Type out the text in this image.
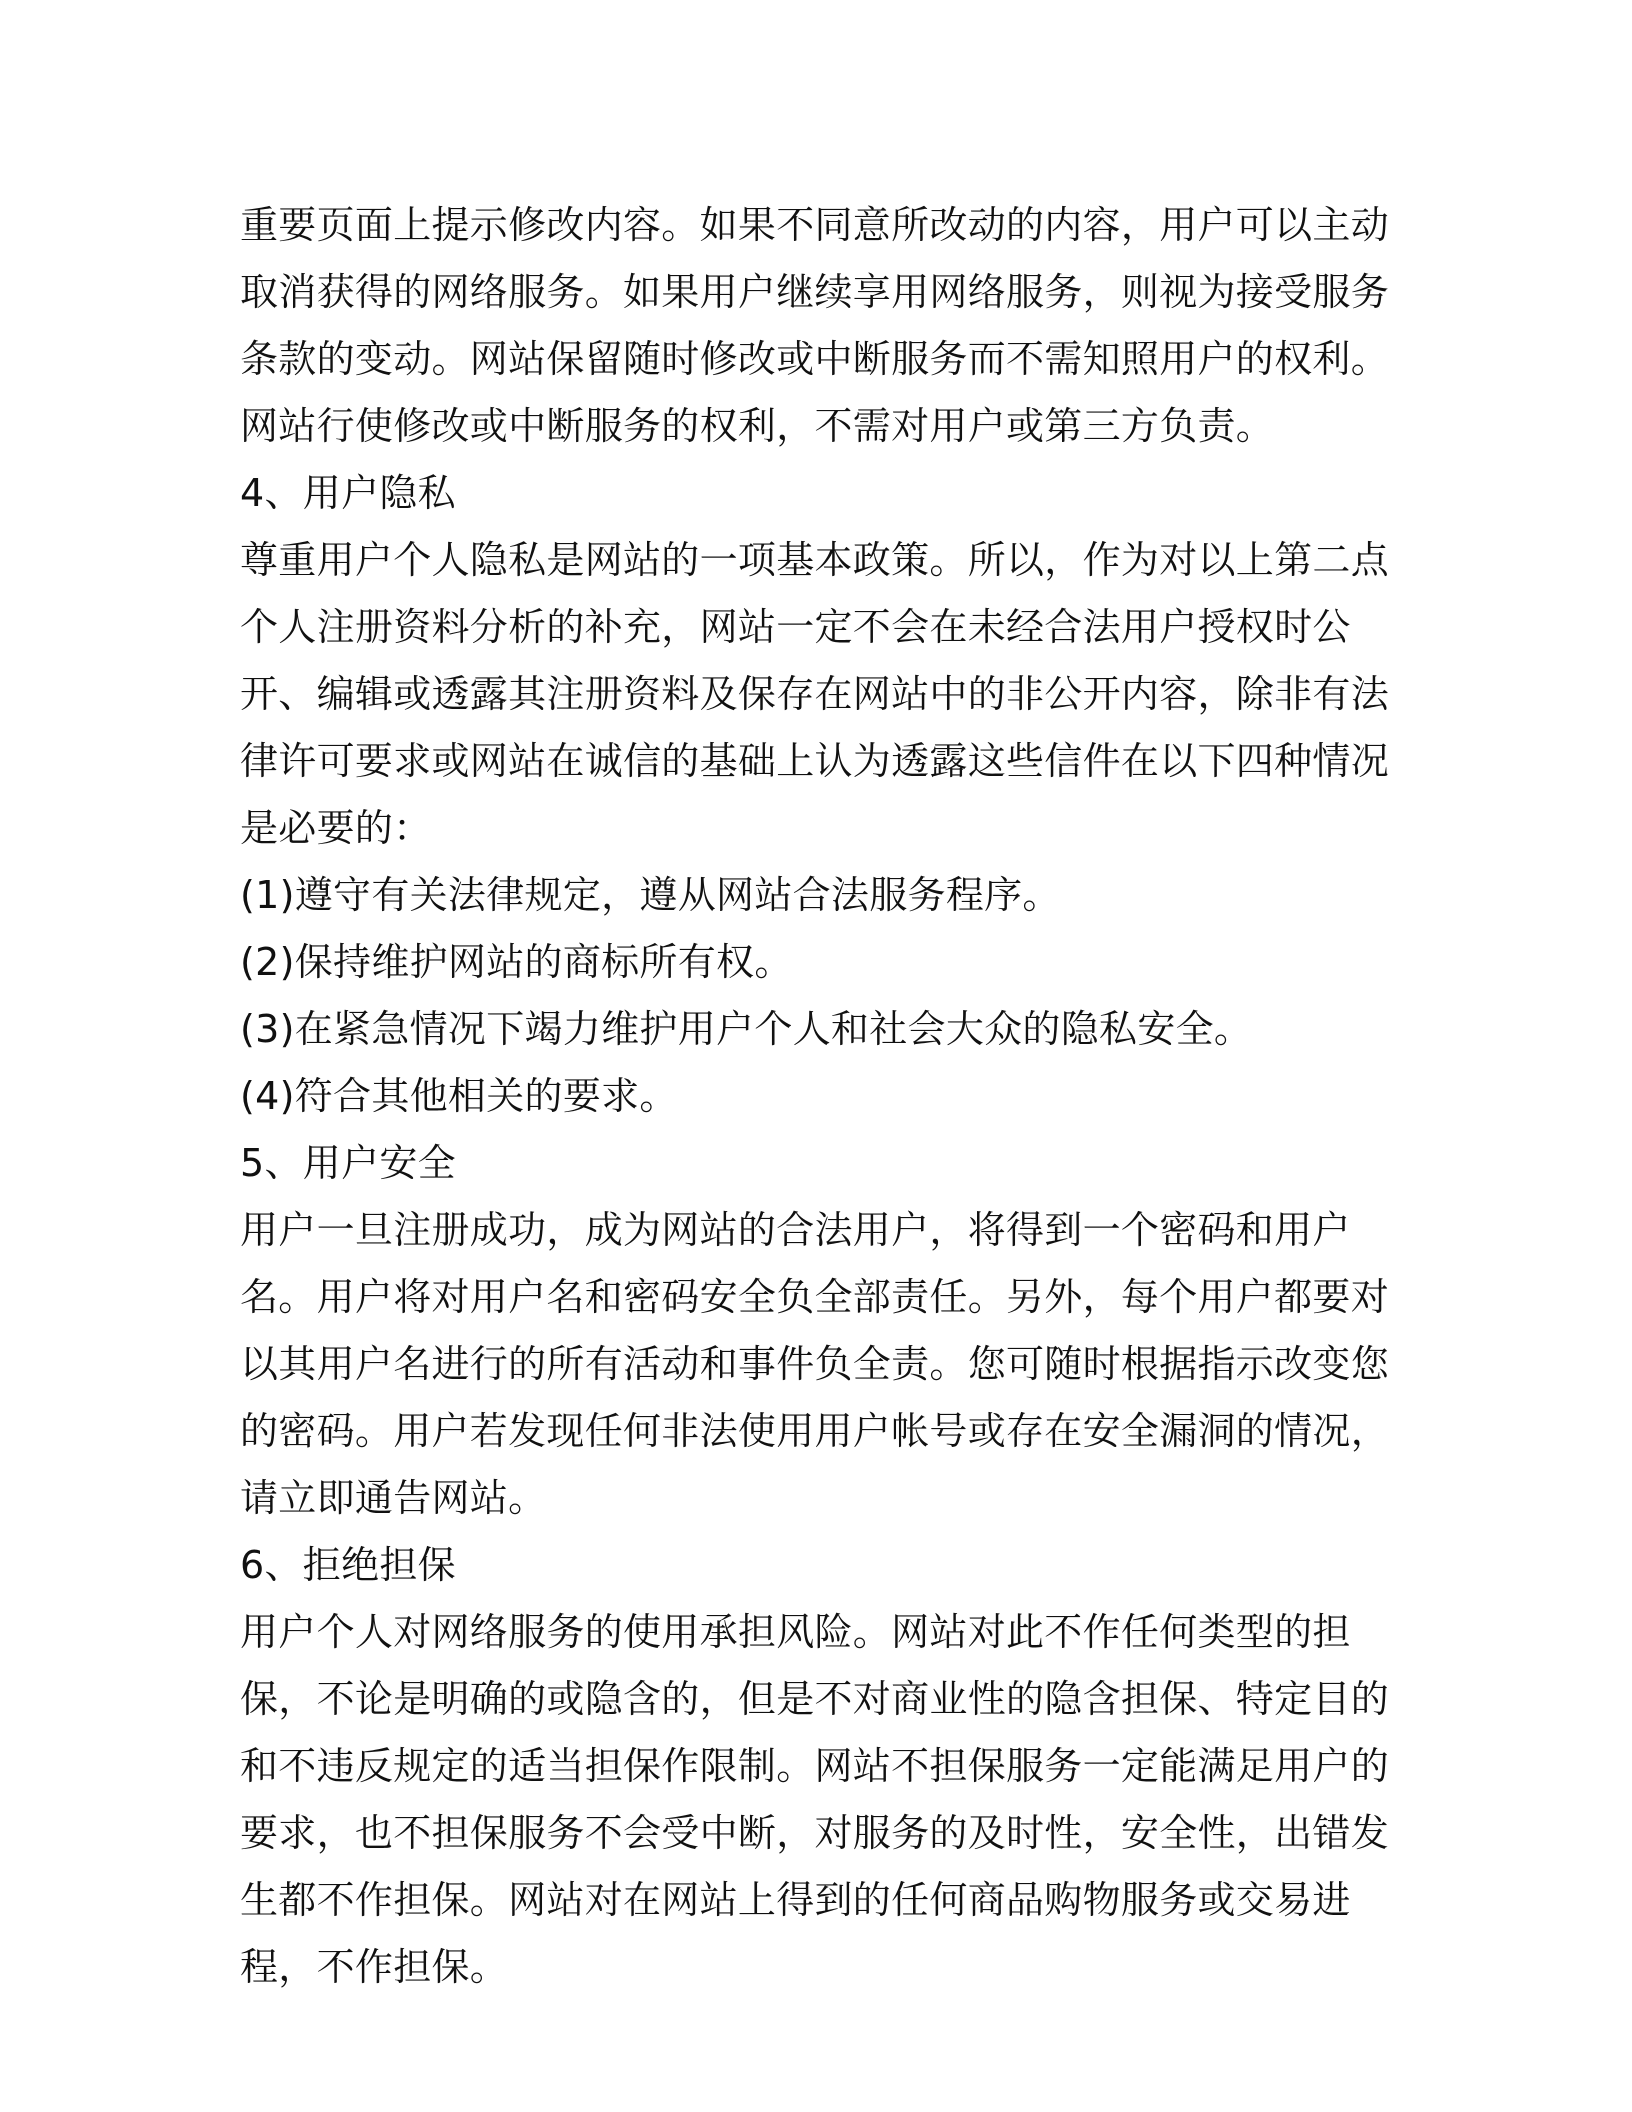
重要页面上提示修改内容。如果不同意所改动的内容，用户可以主动取消获得的网络服务。如果用户继续享用网络服务，则视为接受服务条款的变动。网站保留随时修改或中断服务而不需知照用户的权利。网站行使修改或中断服务的权利，不需对用户或第三方负责。

4、用户隐私

尊重用户个人隐私是网站的一项基本政策。所以，作为对以上第二点个人注册资料分析的补充，网站一定不会在未经合法用户授权时公开、编辑或透露其注册资料及保存在网站中的非公开内容，除非有法律许可要求或网站在诚信的基础上认为透露这些信件在以下四种情况是必要的：

(1)遵守有关法律规定，遵从网站合法服务程序。

(2)保持维护网站的商标所有权。

(3)在紧急情况下竭力维护用户个人和社会大众的隐私安全。

(4)符合其他相关的要求。

5、用户安全

用户一旦注册成功，成为网站的合法用户，将得到一个密码和用户名。用户将对用户名和密码安全负全部责任。另外，每个用户都要对以其用户名进行的所有活动和事件负全责。您可随时根据指示改变您的密码。用户若发现任何非法使用用户帐号或存在安全漏洞的情况，请立即通告网站。

6、拒绝担保

用户个人对网络服务的使用承担风险。网站对此不作任何类型的担保，不论是明确的或隐含的，但是不对商业性的隐含担保、特定目的和不违反规定的适当担保作限制。网站不担保服务一定能满足用户的要求，也不担保服务不会受中断，对服务的及时性，安全性，出错发生都不作担保。网站对在网站上得到的任何商品购物服务或交易进程，不作担保。
